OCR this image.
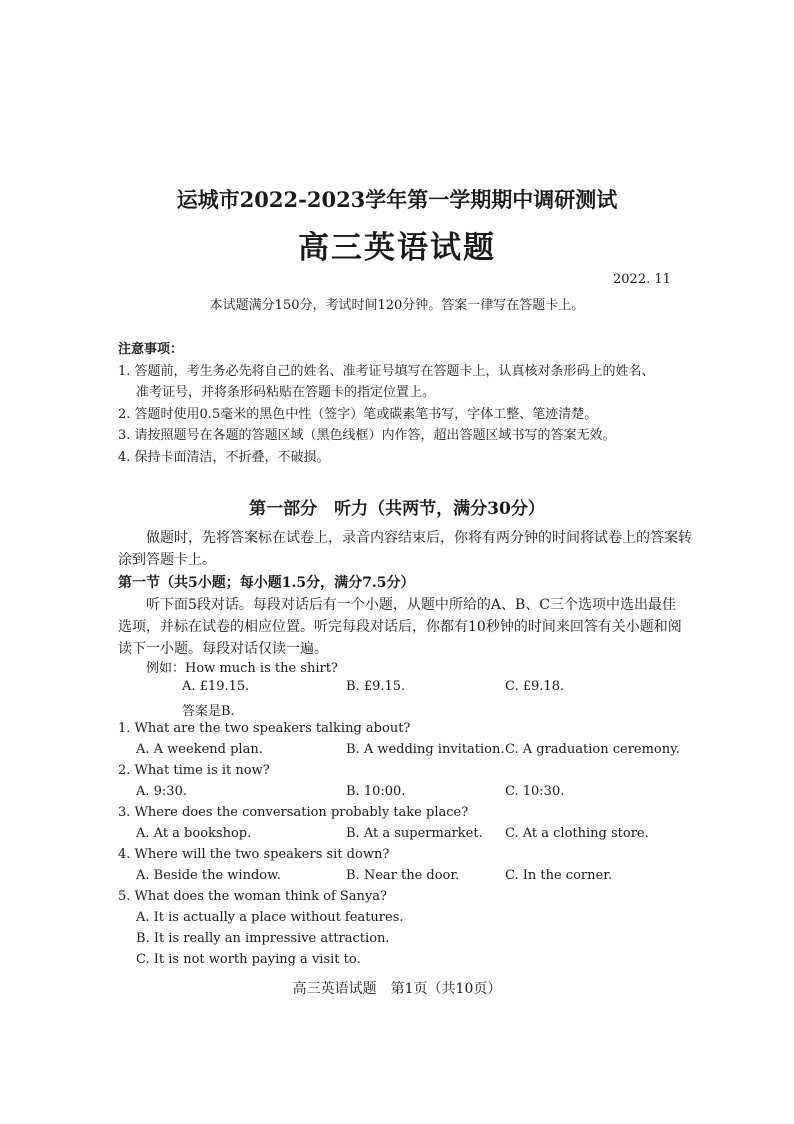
运城市2022-2023学年第一学期期中调研测试
高三英语试题
2022. 11
本试题满分150分，考试时间120分钟。答案一律写在答题卡上。
注意事项：
1. 答题前，考生务必先将自己的姓名、准考证号填写在答题卡上，认真核对条形码上的姓名、
准考证号，并将条形码粘贴在答题卡的指定位置上。
2. 答题时使用0.5毫米的黑色中性（签字）笔或碳素笔书写，字体工整、笔迹清楚。
3. 请按照题号在各题的答题区域（黑色线框）内作答，超出答题区域书写的答案无效。
4. 保持卡面清洁，不折叠，不破损。
第一部分　听力（共两节，满分30分）
做题时，先将答案标在试卷上，录音内容结束后，你将有两分钟的时间将试卷上的答案转
涂到答题卡上。
第一节（共5小题；每小题1.5分，满分7.5分）
听下面5段对话。每段对话后有一个小题，从题中所给的A、B、C三个选项中选出最佳
选项，并标在试卷的相应位置。听完每段对话后，你都有10秒钟的时间来回答有关小题和阅
读下一小题。每段对话仅读一遍。
例如：How much is the shirt?
A. £19.15.	B. £9.15.	C. £9.18.
答案是B.
1. What are the two speakers talking about?
A. A weekend plan.	B. A wedding invitation. C. A graduation ceremony.
2. What time is it now?
A. 9:30.	B. 10:00.	C. 10:30.
3. Where does the conversation probably take place?
A. At a bookshop.	B. At a supermarket. C. At a clothing store.
4. Where will the two speakers sit down?
A. Beside the window.	B. Near the door.	C. In the corner.
5. What does the woman think of Sanya?
A. It is actually a place without features.
B. It is really an impressive attraction.
C. It is not worth paying a visit to.
高三英语试题　第1页（共10页）
